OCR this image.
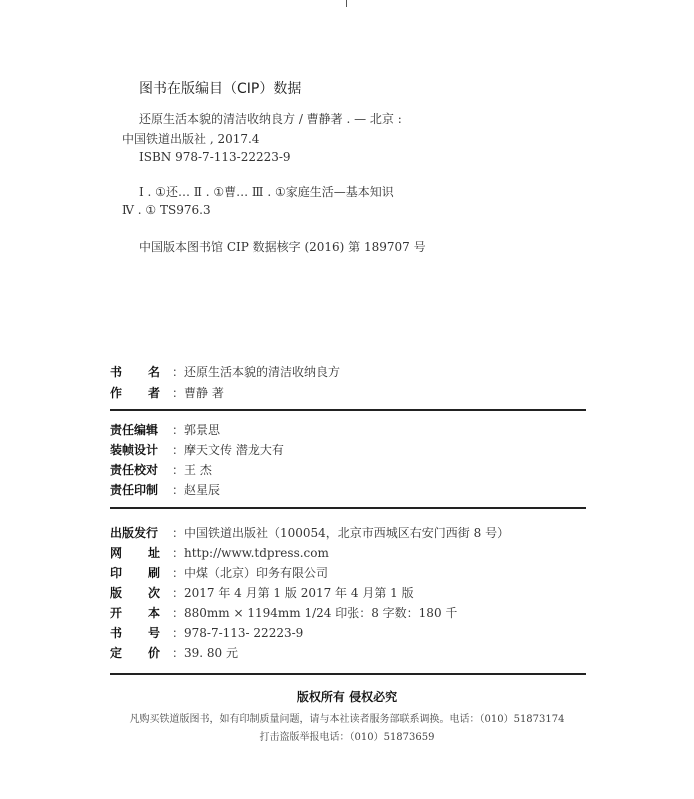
图书在版编目（CIP）数据
还原生活本貌的清洁收纳良方 / 曹静著 . — 北京 :
中国铁道出版社 , 2017.4
ISBN 978-7-113-22223-9
Ⅰ . ①还… Ⅱ . ①曹… Ⅲ . ①家庭生活—基本知识
Ⅳ . ① TS976.3
中国版本图书馆 CIP 数据核字 (2016) 第 189707 号
书 名 ：还原生活本貌的清洁收纳良方
作 者 ：曹静 著
责任编辑	：郭景思
装帧设计	：摩天文传 潜龙大有
责任校对	：王 杰
责任印制	：赵星辰
出版发行	：中国铁道出版社（100054，北京市西城区右安门西街 8 号）
网 址 ：http://www.tdpress.com
印 刷 ：中煤（北京）印务有限公司
版 次 ：2017 年 4 月第 1 版 2017 年 4 月第 1 版
开 本 ：880mm × 1194mm 1/24 印张：8 字数：180 千
书 号 ：978-7-113- 22223-9
定 价 ：39. 80 元
版权所有 侵权必究
凡购买铁道版图书，如有印制质量问题，请与本社读者服务部联系调换。电话：（010）51873174
打击盗版举报电话：（010）51873659
